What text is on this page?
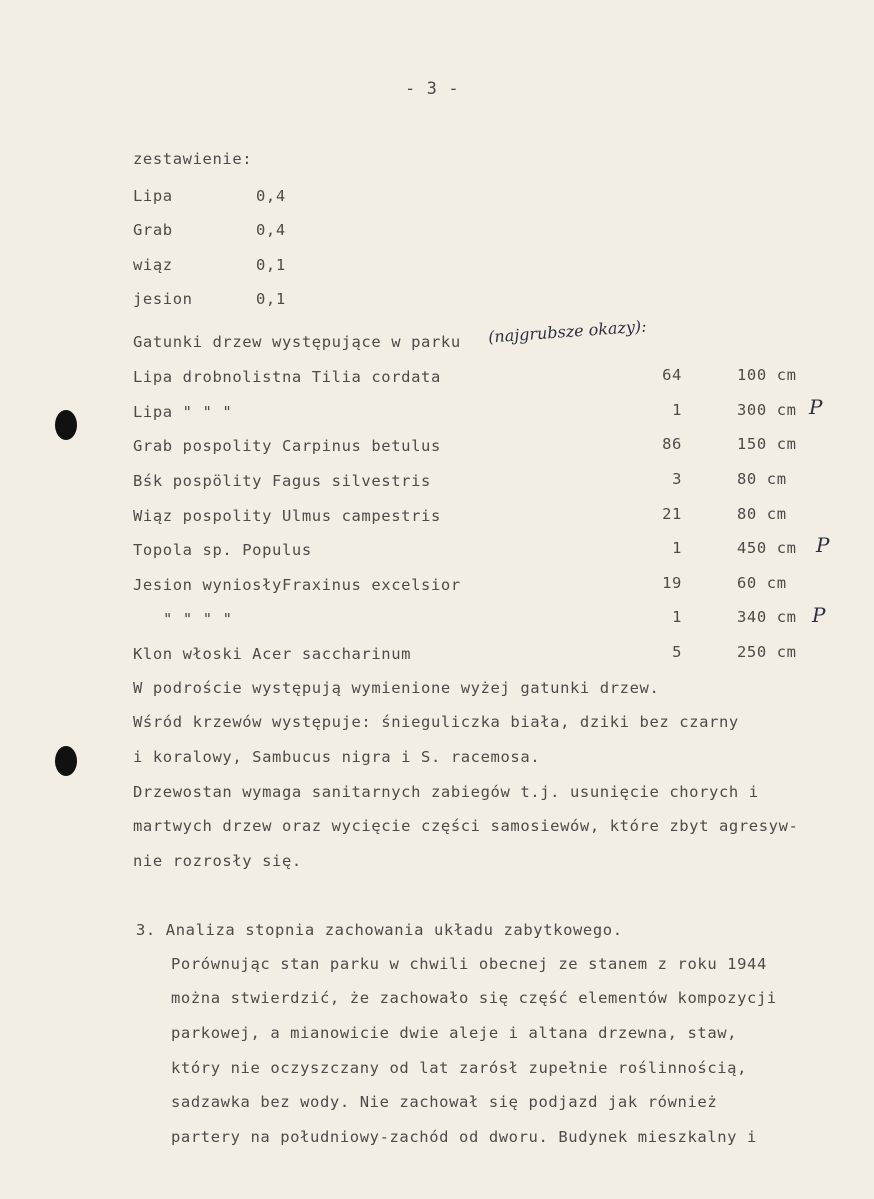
- 3 -
zestawienie:
Lipa	0,4
Grab	0,4
wiąz	0,1
jesion	0,1
Gatunki drzew występujące w parku (najgrubsze okazy):
Lipa drobnolistna Tilia cordata	64	100 cm
Lipa " " "	1	300 cm P
Grab pospolity Carpinus betulus	86	150 cm
Bśk pospölity Fagus silvestris	3	80 cm
Wiąz pospolity Ulmus campestris	21	80 cm
Topola sp. Populus	1	450 cm P
Jesion wyniosłyFraxinus excelsior	19	60 cm
" " " "	1	340 cm P
Klon włoski Acer saccharinum	5	250 cm
W podroście występują wymienione wyżej gatunki drzew.
Wśród krzewów występuje: śnieguliczka biała, dziki bez czarny
i koralowy, Sambucus nigra i S. racemosa.
Drzewostan wymaga sanitarnych zabiegów t.j. usunięcie chorych i
martwych drzew oraz wycięcie części samosiewów, które zbyt agresyw-
nie rozrosły się.
3. Analiza stopnia zachowania układu zabytkowego.
Porównując stan parku w chwili obecnej ze stanem z roku 1944
można stwierdzić, że zachowało się część elementów kompozycji
parkowej, a mianowicie dwie aleje i altana drzewna, staw,
który nie oczyszczany od lat zarósł zupełnie roślinnością,
sadzawka bez wody. Nie zachował się podjazd jak również
partery na południowy-zachód od dworu. Budynek mieszkalny i
